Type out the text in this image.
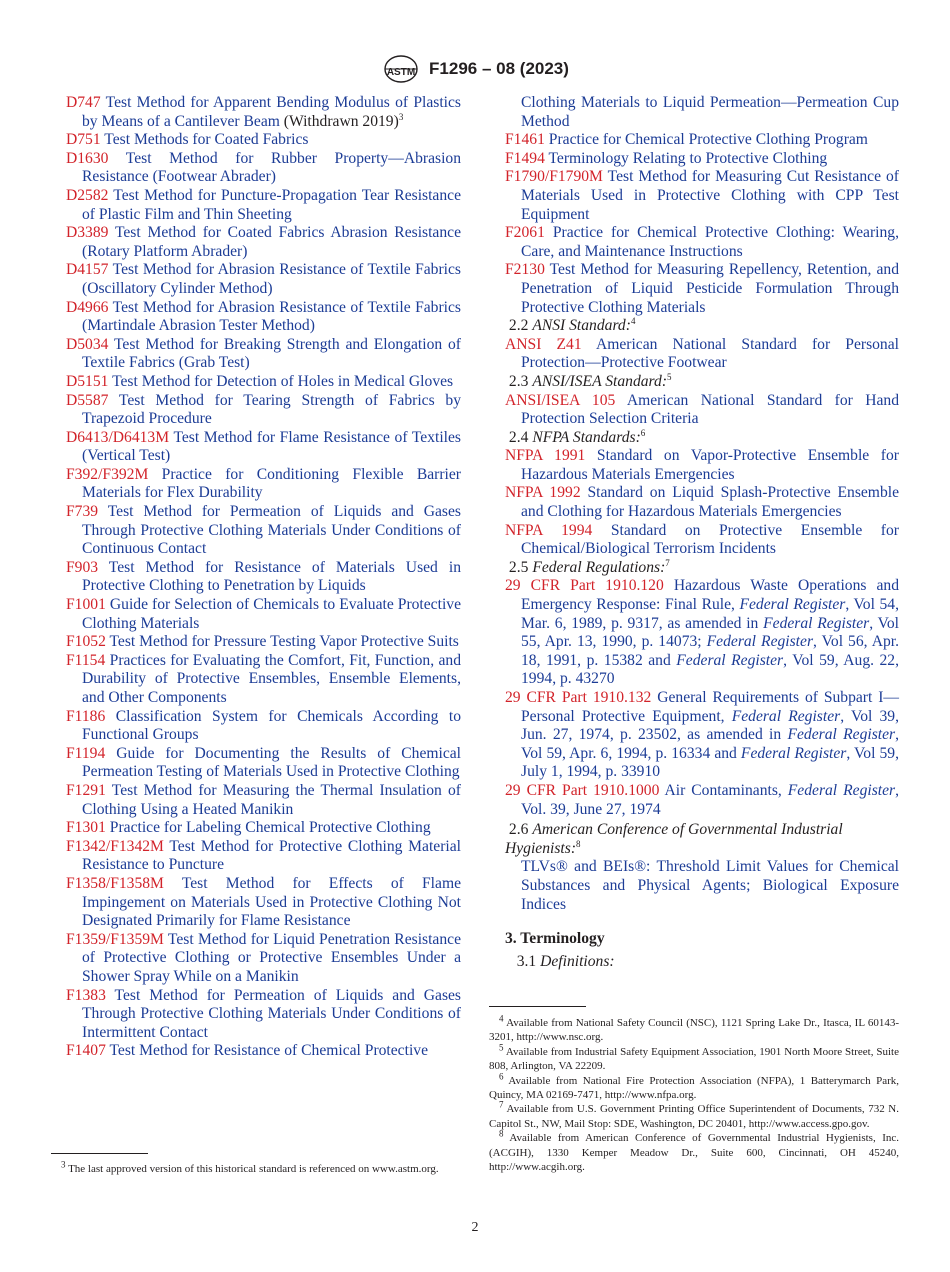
ASTM F1296 – 08 (2023)
D747 Test Method for Apparent Bending Modulus of Plastics by Means of a Cantilever Beam (Withdrawn 2019)$^3$
D751 Test Methods for Coated Fabrics
D1630 Test Method for Rubber Property—Abrasion Resistance (Footwear Abrader)
D2582 Test Method for Puncture-Propagation Tear Resistance of Plastic Film and Thin Sheeting
D3389 Test Method for Coated Fabrics Abrasion Resistance (Rotary Platform Abrader)
D4157 Test Method for Abrasion Resistance of Textile Fabrics (Oscillatory Cylinder Method)
D4966 Test Method for Abrasion Resistance of Textile Fabrics (Martindale Abrasion Tester Method)
D5034 Test Method for Breaking Strength and Elongation of Textile Fabrics (Grab Test)
D5151 Test Method for Detection of Holes in Medical Gloves
D5587 Test Method for Tearing Strength of Fabrics by Trapezoid Procedure
D6413/D6413M Test Method for Flame Resistance of Textiles (Vertical Test)
F392/F392M Practice for Conditioning Flexible Barrier Materials for Flex Durability
F739 Test Method for Permeation of Liquids and Gases Through Protective Clothing Materials Under Conditions of Continuous Contact
F903 Test Method for Resistance of Materials Used in Protective Clothing to Penetration by Liquids
F1001 Guide for Selection of Chemicals to Evaluate Protective Clothing Materials
F1052 Test Method for Pressure Testing Vapor Protective Suits
F1154 Practices for Evaluating the Comfort, Fit, Function, and Durability of Protective Ensembles, Ensemble Elements, and Other Components
F1186 Classification System for Chemicals According to Functional Groups
F1194 Guide for Documenting the Results of Chemical Permeation Testing of Materials Used in Protective Clothing
F1291 Test Method for Measuring the Thermal Insulation of Clothing Using a Heated Manikin
F1301 Practice for Labeling Chemical Protective Clothing
F1342/F1342M Test Method for Protective Clothing Material Resistance to Puncture
F1358/F1358M Test Method for Effects of Flame Impingement on Materials Used in Protective Clothing Not Designated Primarily for Flame Resistance
F1359/F1359M Test Method for Liquid Penetration Resistance of Protective Clothing or Protective Ensembles Under a Shower Spray While on a Manikin
F1383 Test Method for Permeation of Liquids and Gases Through Protective Clothing Materials Under Conditions of Intermittent Contact
F1407 Test Method for Resistance of Chemical Protective
Clothing Materials to Liquid Permeation—Permeation Cup Method
F1461 Practice for Chemical Protective Clothing Program
F1494 Terminology Relating to Protective Clothing
F1790/F1790M Test Method for Measuring Cut Resistance of Materials Used in Protective Clothing with CPP Test Equipment
F2061 Practice for Chemical Protective Clothing: Wearing, Care, and Maintenance Instructions
F2130 Test Method for Measuring Repellency, Retention, and Penetration of Liquid Pesticide Formulation Through Protective Clothing Materials
2.2 ANSI Standard:$^4$
ANSI Z41 American National Standard for Personal Protection—Protective Footwear
2.3 ANSI/ISEA Standard:$^5$
ANSI/ISEA 105 American National Standard for Hand Protection Selection Criteria
2.4 NFPA Standards:$^6$
NFPA 1991 Standard on Vapor-Protective Ensemble for Hazardous Materials Emergencies
NFPA 1992 Standard on Liquid Splash-Protective Ensemble and Clothing for Hazardous Materials Emergencies
NFPA 1994 Standard on Protective Ensemble for Chemical/Biological Terrorism Incidents
2.5 Federal Regulations:$^7$
29 CFR Part 1910.120 Hazardous Waste Operations and Emergency Response: Final Rule, Federal Register, Vol 54, Mar. 6, 1989, p. 9317, as amended in Federal Register, Vol 55, Apr. 13, 1990, p. 14073; Federal Register, Vol 56, Apr. 18, 1991, p. 15382 and Federal Register, Vol 59, Aug. 22, 1994, p. 43270
29 CFR Part 1910.132 General Requirements of Subpart I—Personal Protective Equipment, Federal Register, Vol 39, Jun. 27, 1974, p. 23502, as amended in Federal Register, Vol 59, Apr. 6, 1994, p. 16334 and Federal Register, Vol 59, July 1, 1994, p. 33910
29 CFR Part 1910.1000 Air Contaminants, Federal Register, Vol. 39, June 27, 1974
2.6 American Conference of Governmental Industrial Hygienists:$^8$
TLVs® and BEIs®: Threshold Limit Values for Chemical Substances and Physical Agents; Biological Exposure Indices
3. Terminology
3.1 Definitions:
$^4$ Available from National Safety Council (NSC), 1121 Spring Lake Dr., Itasca, IL 60143-3201, http://www.nsc.org.
$^5$ Available from Industrial Safety Equipment Association, 1901 North Moore Street, Suite 808, Arlington, VA 22209.
$^6$ Available from National Fire Protection Association (NFPA), 1 Batterymarch Park, Quincy, MA 02169-7471, http://www.nfpa.org.
$^7$ Available from U.S. Government Printing Office Superintendent of Documents, 732 N. Capitol St., NW, Mail Stop: SDE, Washington, DC 20401, http://www.access.gpo.gov.
$^8$ Available from American Conference of Governmental Industrial Hygienists, Inc. (ACGIH), 1330 Kemper Meadow Dr., Suite 600, Cincinnati, OH 45240, http://www.acgih.org.
$^3$ The last approved version of this historical standard is referenced on www.astm.org.
2
